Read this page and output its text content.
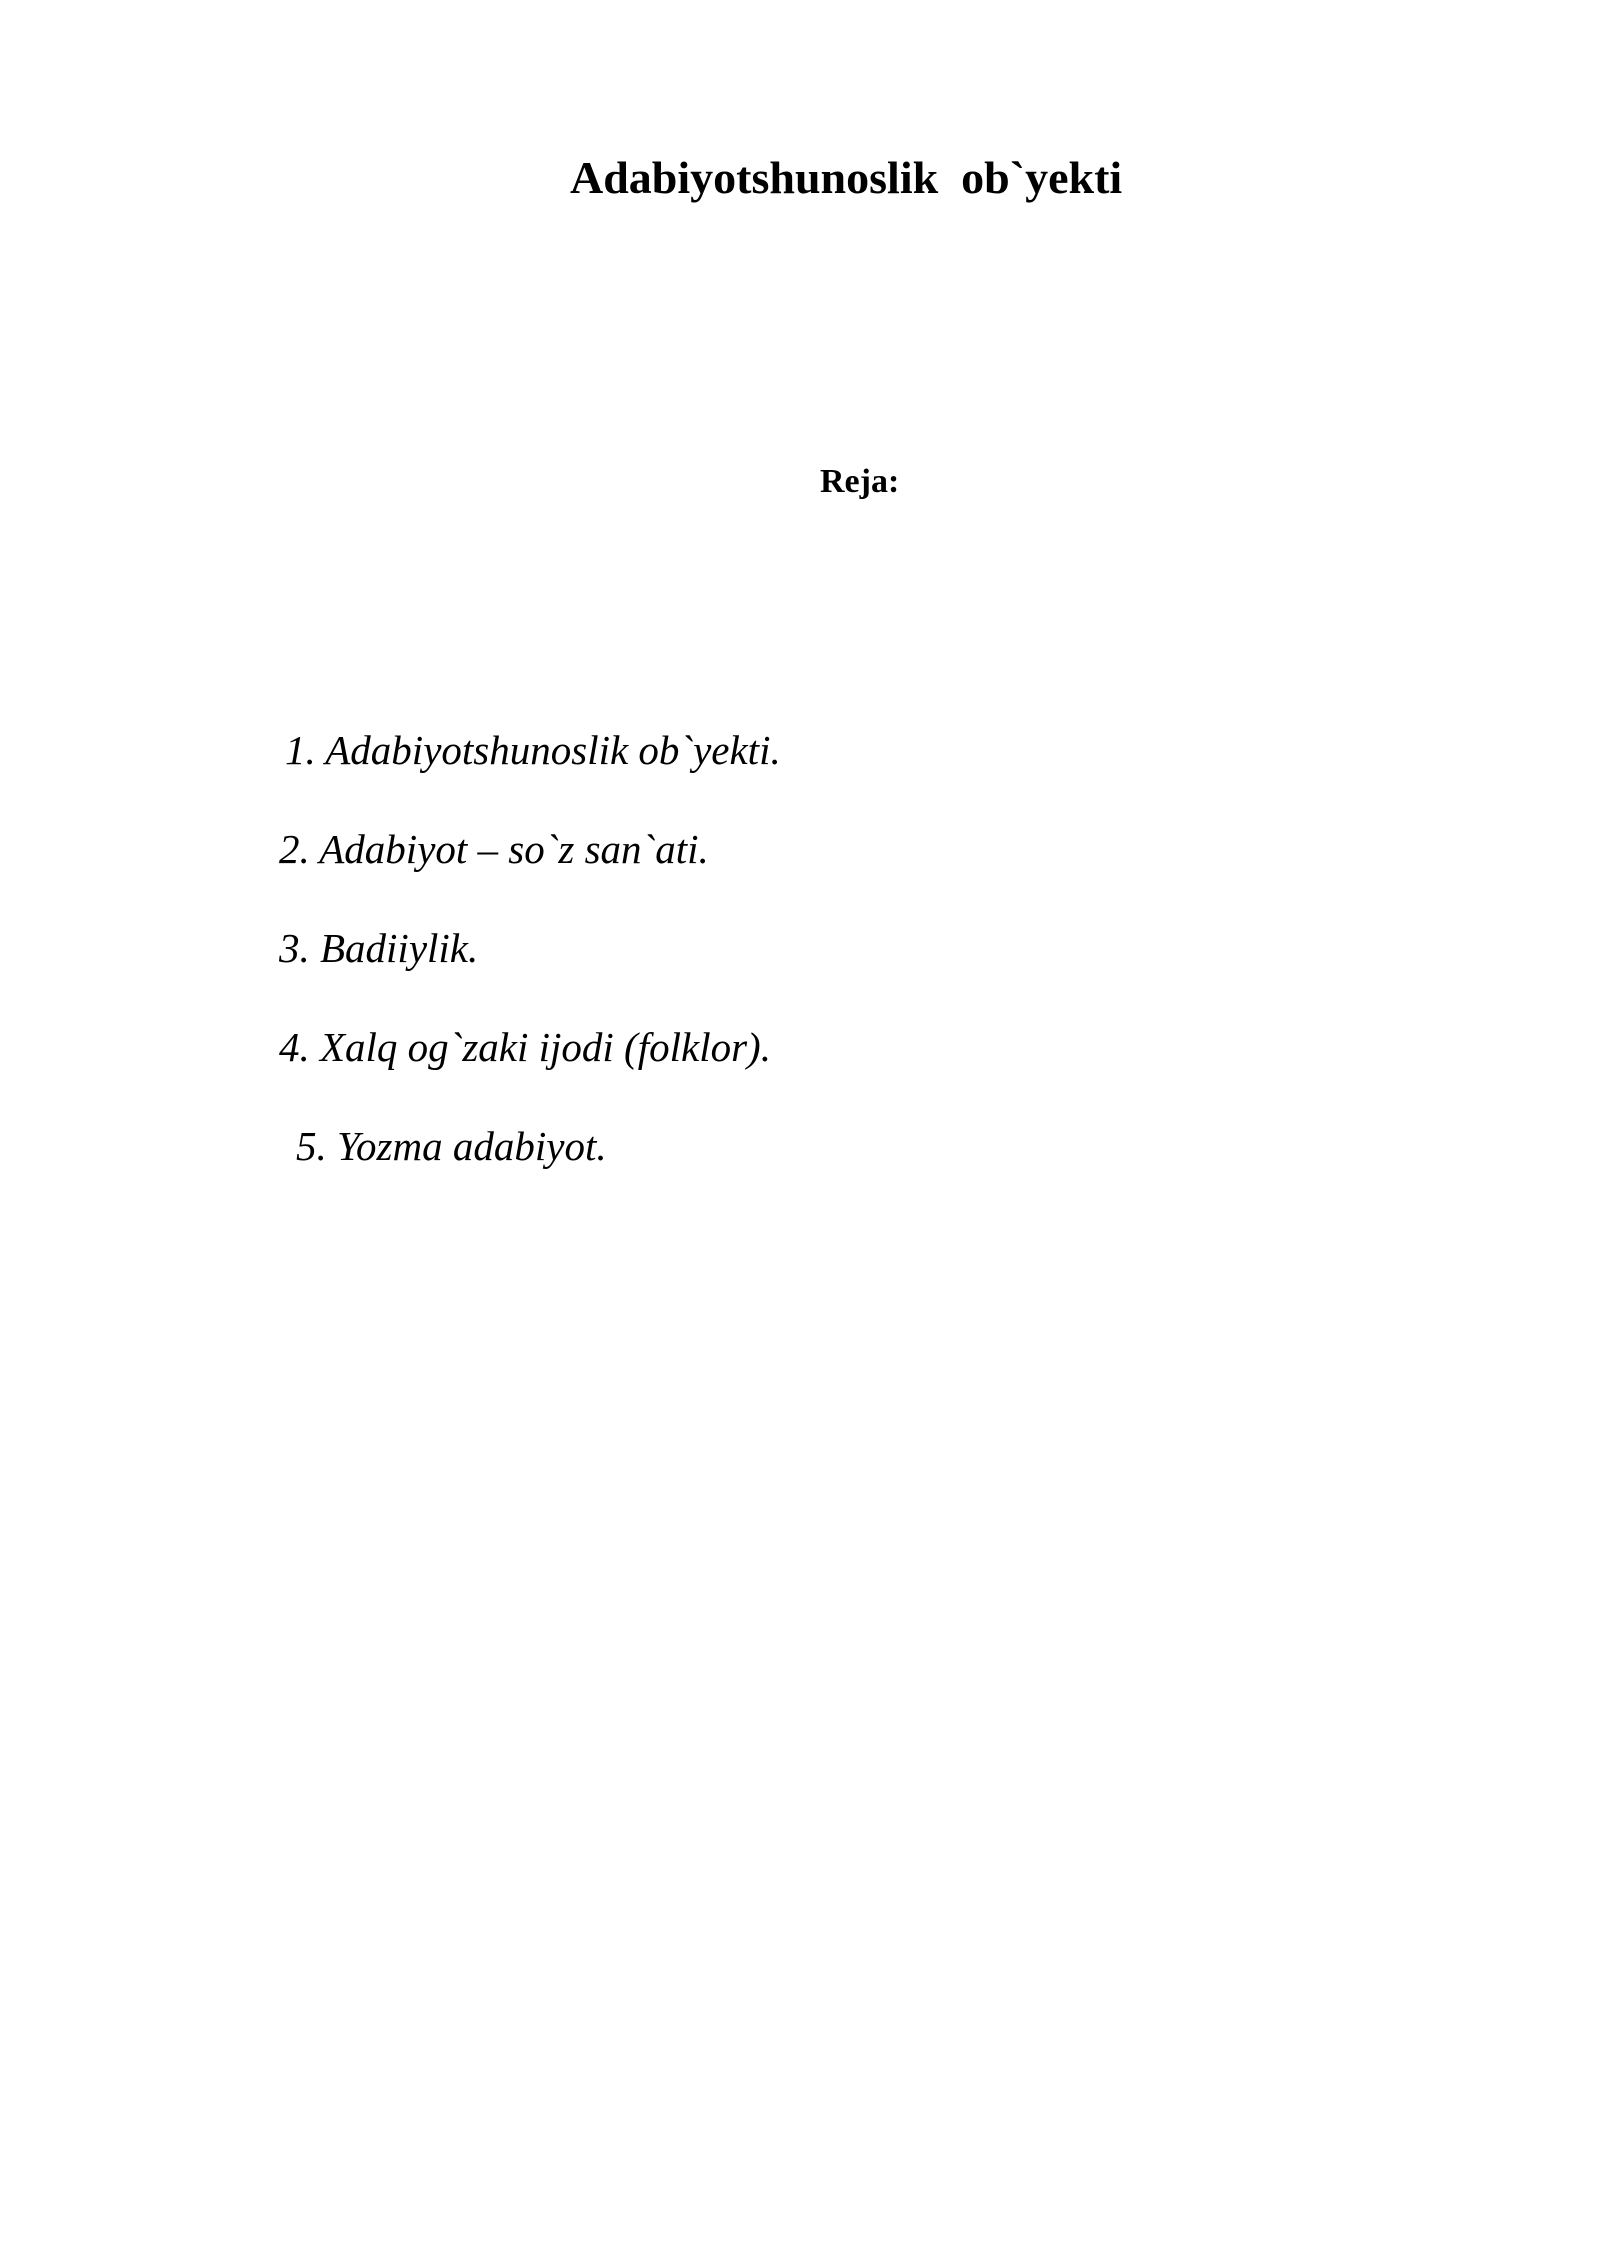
Adabiyotshunoslik  ob`yekti
Reja:

1. Adabiyotshunoslik ob`yekti.

2. Adabiyot – so`z san`ati.

3. Badiiylik.

4. Xalq og`zaki ijodi (folklor).

5. Yozma adabiyot.
